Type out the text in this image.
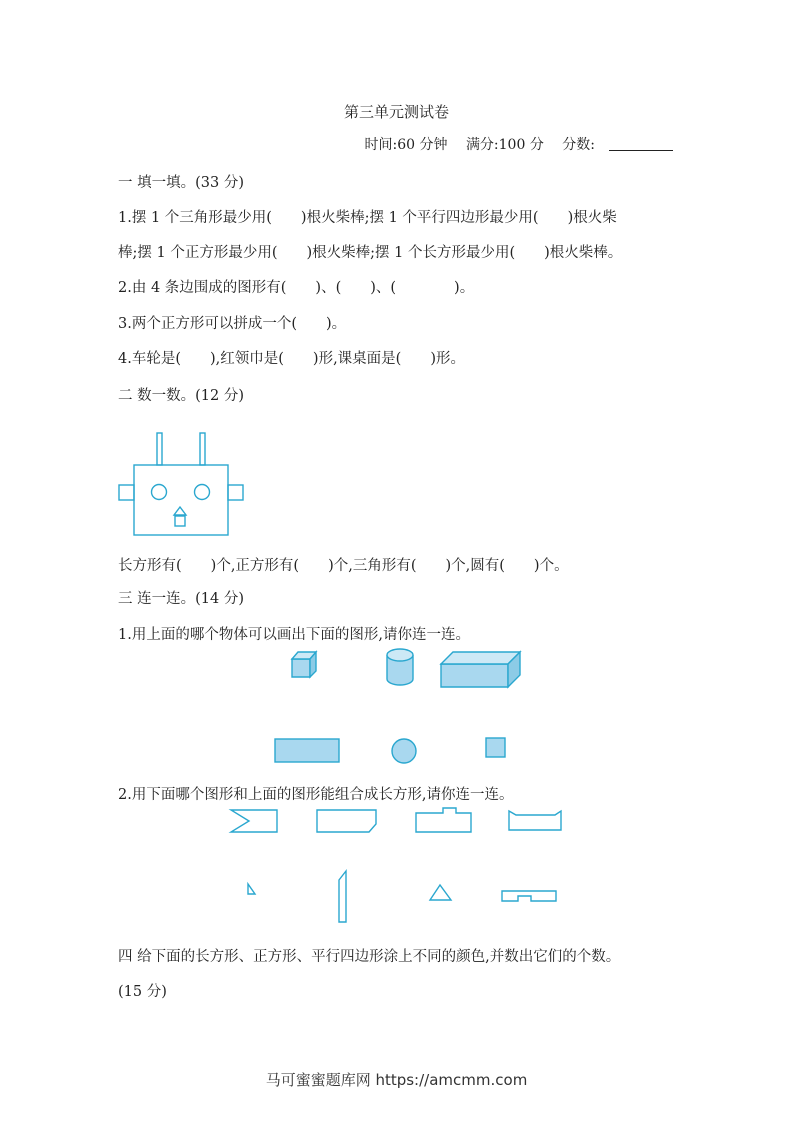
第三单元测试卷
时间:60 分钟 满分:100 分 分数:
一 填一填。(33 分)
1.摆 1 个三角形最少用(　　)根火柴棒;摆 1 个平行四边形最少用(　　)根火柴
棒;摆 1 个正方形最少用(　　)根火柴棒;摆 1 个长方形最少用(　　)根火柴棒。
2.由 4 条边围成的图形有(　　)、(　　)、(　　　　)。
3.两个正方形可以拼成一个(　　)。
4.车轮是(　　),红领巾是(　　)形,课桌面是(　　)形。
二 数一数。(12 分)
长方形有(　　)个,正方形有(　　)个,三角形有(　　)个,圆有(　　)个。
三 连一连。(14 分)
1.用上面的哪个物体可以画出下面的图形,请你连一连。
2.用下面哪个图形和上面的图形能组合成长方形,请你连一连。
四 给下面的长方形、正方形、平行四边形涂上不同的颜色,并数出它们的个数。
(15 分)
马可蜜蜜题库网 https://amcmm.com
